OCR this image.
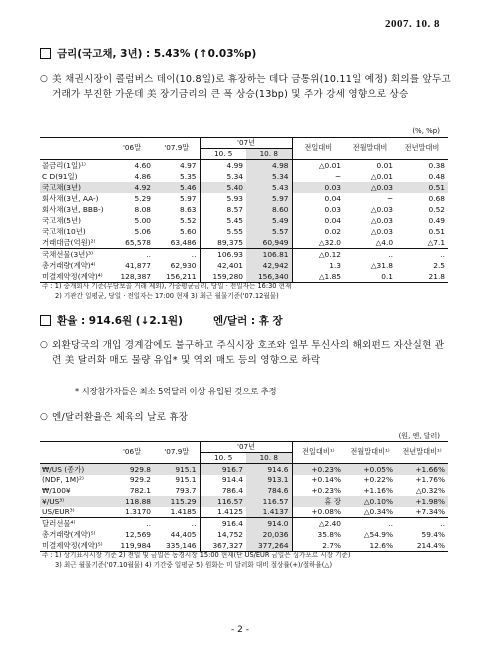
2007. 10. 8
금리(국고채, 3년) : 5.43% (↑0.03%p)
○ 美 채권시장이 콜럼버스 데이(10.8일)로 휴장하는 데다 금통위(10.11일 예정) 회의를 앞두고 거래가 부진한 가운데 美 장기금리의 큰 폭 상승(13bp) 및 주가 강세 영향으로 상승
(%, %p)
	'06말	'07.9말	'07년		전일대비	전월말대비	전년말대비
			10. 5	10. 8			
콜금리(1일)¹⁾	4.60	4.97	4.99	4.98	△0.01	0.01	0.38
C D(91일)	4.86	5.35	5.34	5.34	−	△0.01	0.48
국고채(3년)	4.92	5.46	5.40	5.43	0.03	△0.03	0.51
회사채(3년, AA-)	5.29	5.97	5.93	5.97	0.04	−	0.68
회사채(3년, BBB-)	8.08	8.63	8.57	8.60	0.03	△0.03	0.52
국고채(5년)	5.00	5.52	5.45	5.49	0.04	△0.03	0.49
국고채(10년)	5.06	5.60	5.55	5.57	0.02	△0.03	0.51
거래대금(억원)²⁾	65,578	63,486	89,375	60,949	△32.0	△4.0	△7.1
국채선물(3년)³⁾	‥	‥	106.93	106.81	△0.12	‥	‥
총거래량(계약)⁴⁾	41,877	62,930	42,401	42,942	1.3	△31.8	2.5
미결제약정(계약)⁴⁾	128,387	156,211	159,280	156,340	△1.85	0.1	21.8
주 : 1) 중개회사 기준(무담보콜 거래 제외), 가중평균금리, 당일 · 전일자는 16:30 현재
2) 기관간 일평균, 당일 · 전일자는 17:00 현재 3) 최근 월물기준('07.12월물)
환율 : 914.6원 (↓2.1원)	엔/달러 : 휴 장
○ 외환당국의 개입 경계감에도 불구하고 주식시장 호조와 일부 투신사의 해외펀드 자산실현 관련 美 달러화 매도 물량 유입* 및 역외 매도 등의 영향으로 하락
* 시장참가자들은 최소 5억달러 이상 유입된 것으로 추정
○ 엔/달러환율은 체육의 날로 휴장
(원, 엔, 달러)
	'06말	'07.9말	'07년		전일대비¹⁾	전월말대비¹⁾	전년말대비¹⁾
			10. 5	10. 8			
₩/US (종가)	929.8	915.1	916.7	914.6	+0.23%	+0.05%	+1.66%
(NDF, 1M)²⁾	929.2	915.1	914.4	913.1	+0.14%	+0.22%	+1.76%
₩/100¥	782.1	793.7	786.4	784.6	+0.23%	+1.16%	△0.32%
¥/US³⁾	118.88	115.29	116.57	116.57	휴 장	△0.10%	+1.98%
US/EUR³⁾	1.3170	1.4185	1.4125	1.4137	+0.08%	△0.34%	+7.34%
달러선물⁴⁾	‥	‥	916.4	914.0	△2.40	‥	‥
총거래량(계약)⁵⁾	12,569	44,405	14,752	20,036	35.8%	△54.9%	59.4%
미결제약정(계약)⁵⁾	119,984	335,146	367,327	377,264	2.7%	12.6%	214.4%
주 : 1) 상기표시시장 기준 2) 전일 및 금일은 동경시장 15:00 현재(단 US/EUR 금일은 싱가포르 시장 기준)
3) 최근 월물기준('07.10월물) 4) 기간중 일평균 5) 원화는 미 달러화 대비 절상률(+)/절하율(△)
- 2 -
